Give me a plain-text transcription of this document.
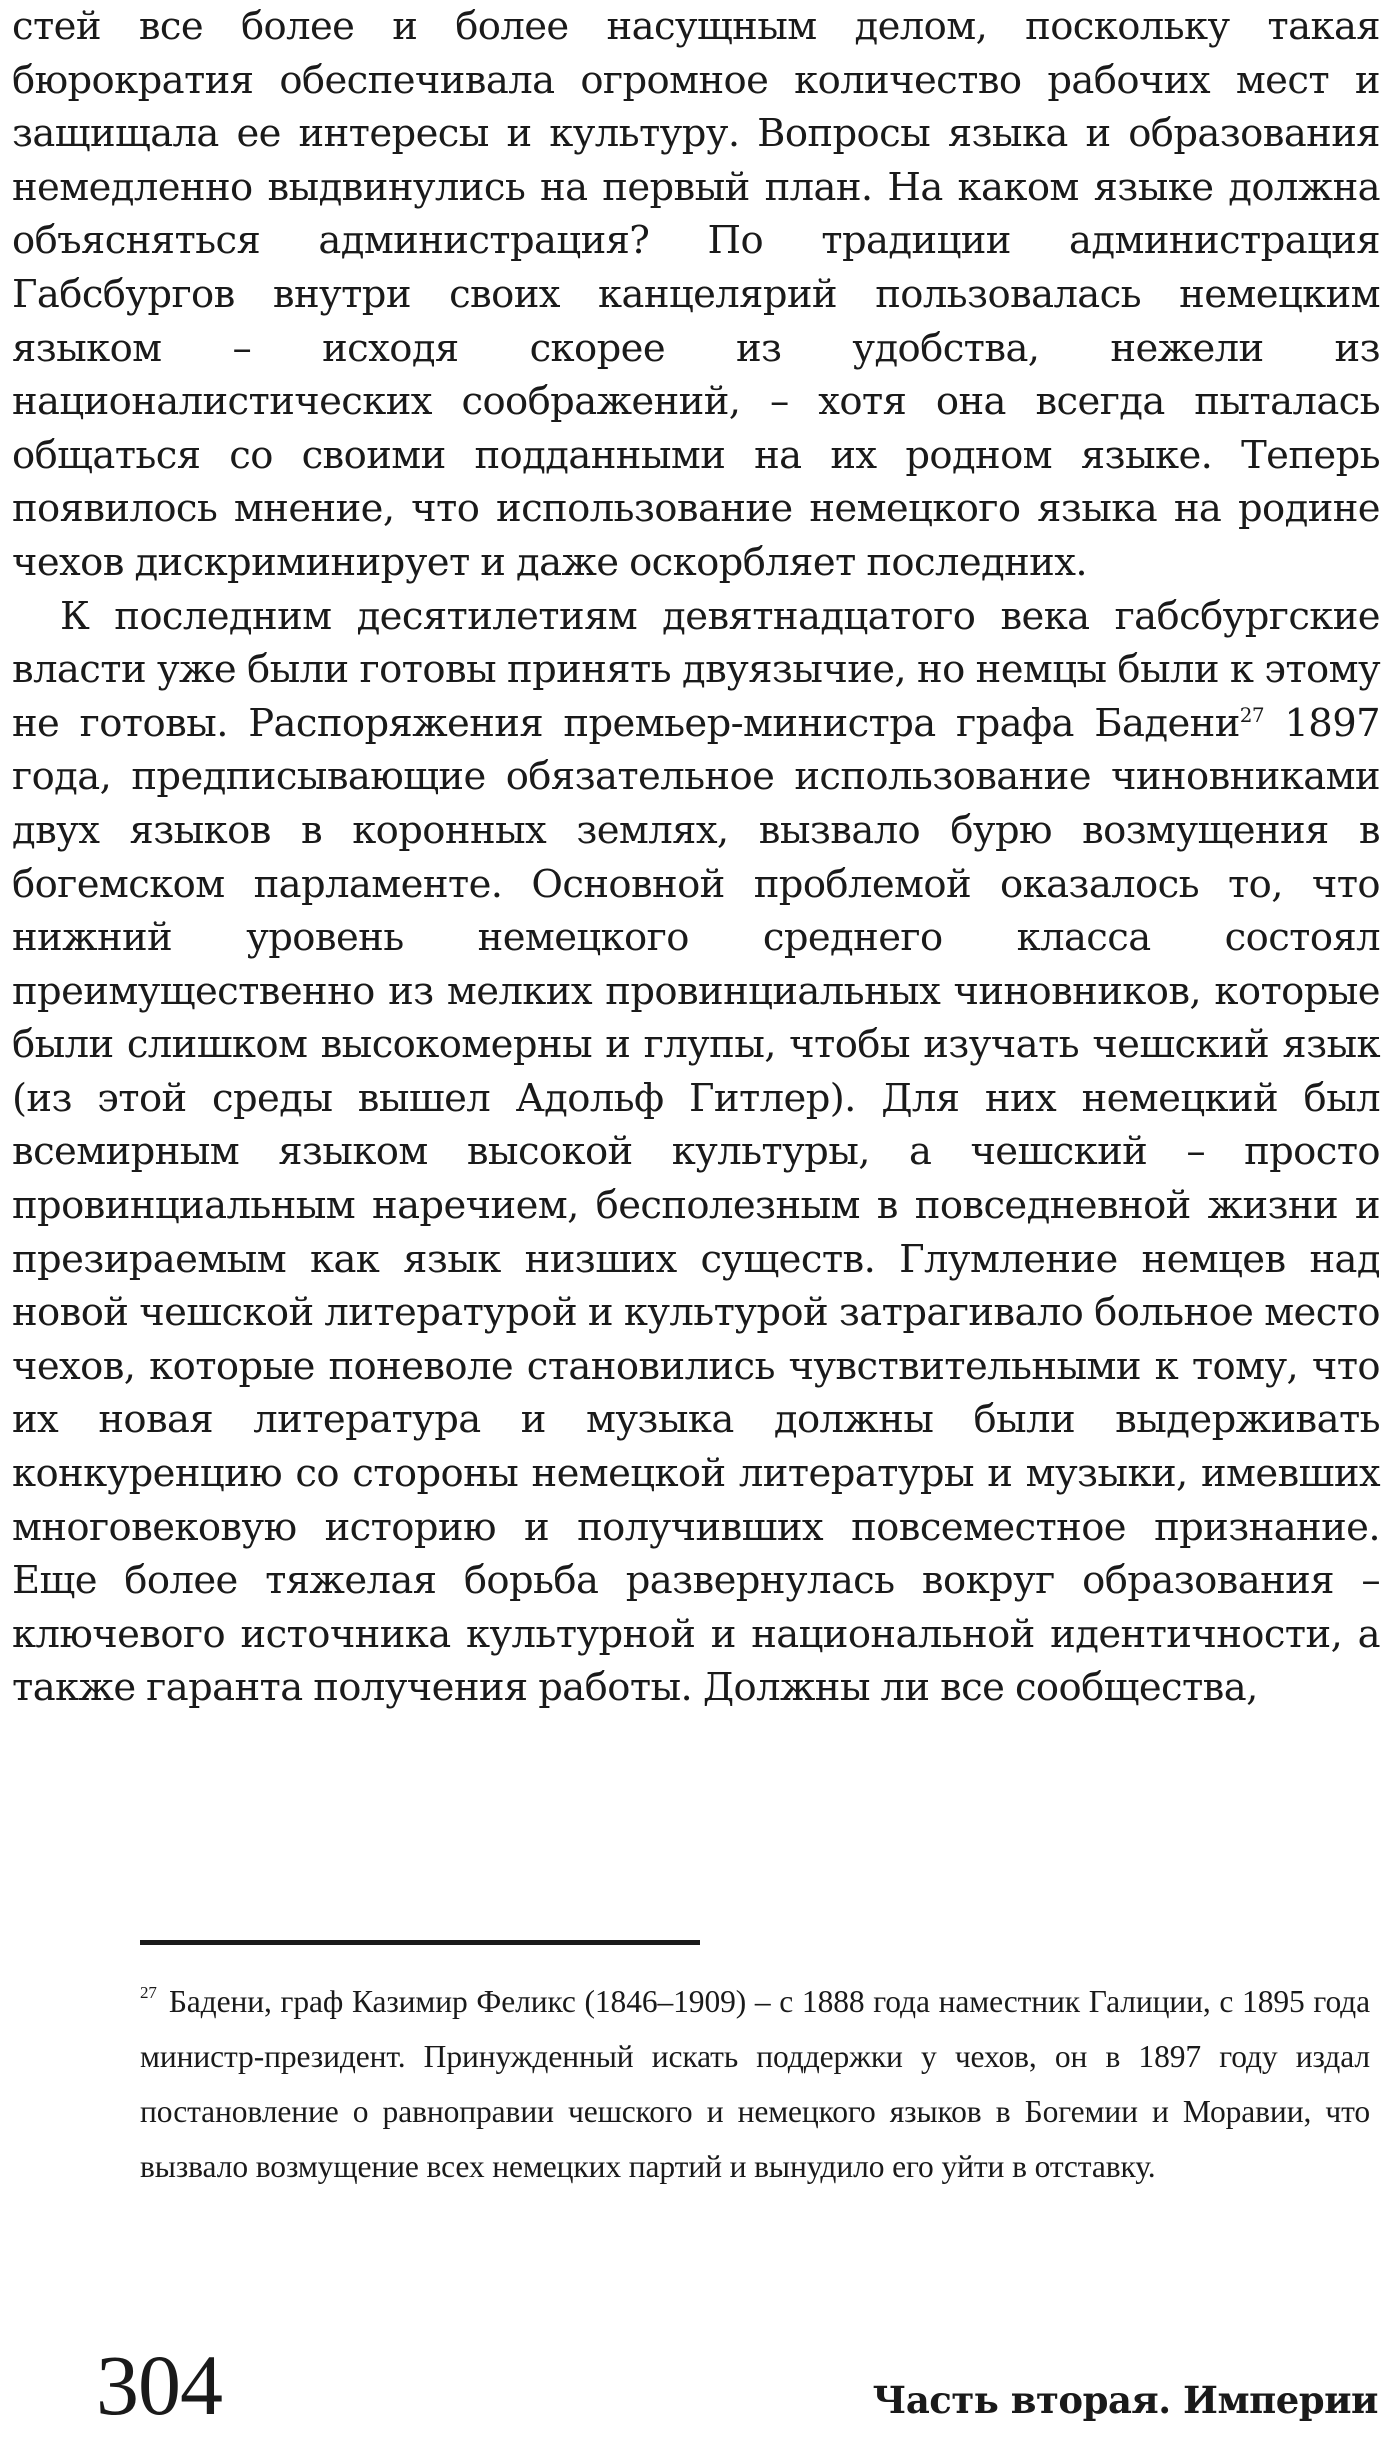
стей все более и более насущным делом, поскольку такая бюрократия обеспечивала огромное количество рабочих мест и защищала ее интересы и культуру. Вопросы языка и образования немедленно выдвинулись на первый план. На каком языке должна объясняться администрация? По традиции администрация Габсбургов внутри своих канцелярий пользовалась немецким языком – исходя скорее из удобства, нежели из националистических соображений, – хотя она всегда пыталась общаться со своими подданными на их родном языке. Теперь появилось мнение, что использование немецкого языка на родине чехов дискриминирует и даже оскорбляет последних.

К последним десятилетиям девятнадцатого века габсбургские власти уже были готовы принять двуязычие, но немцы были к этому не готовы. Распоряжения премьер-министра графа Бадени$^{27}$ 1897 года, предписывающие обязательное использование чиновниками двух языков в коронных землях, вызвало бурю возмущения в богемском парламенте. Основной проблемой оказалось то, что нижний уровень немецкого среднего класса состоял преимущественно из мелких провинциальных чиновников, которые были слишком высокомерны и глупы, чтобы изучать чешский язык (из этой среды вышел Адольф Гитлер). Для них немецкий был всемирным языком высокой культуры, а чешский – просто провинциальным наречием, бесполезным в повседневной жизни и презираемым как язык низших существ. Глумление немцев над новой чешской литературой и культурой затрагивало больное место чехов, которые поневоле становились чувствительными к тому, что их новая литература и музыка должны были выдерживать конкуренцию со стороны немецкой литературы и музыки, имевших многовековую историю и получивших повсеместное признание. Еще более тяжелая борьба развернулась вокруг образования – ключевого источника культурной и национальной идентичности, а также гаранта получения работы. Должны ли все сообщества,

27 Бадени, граф Казимир Феликс (1846–1909) – с 1888 года наместник Галиции, с 1895 года министр-президент. Принужденный искать поддержки у чехов, он в 1897 году издал постановление о равноправии чешского и немецкого языков в Богемии и Моравии, что вызвало возмущение всех немецких партий и вынудило его уйти в отставку.
304	Часть вторая. Империи
